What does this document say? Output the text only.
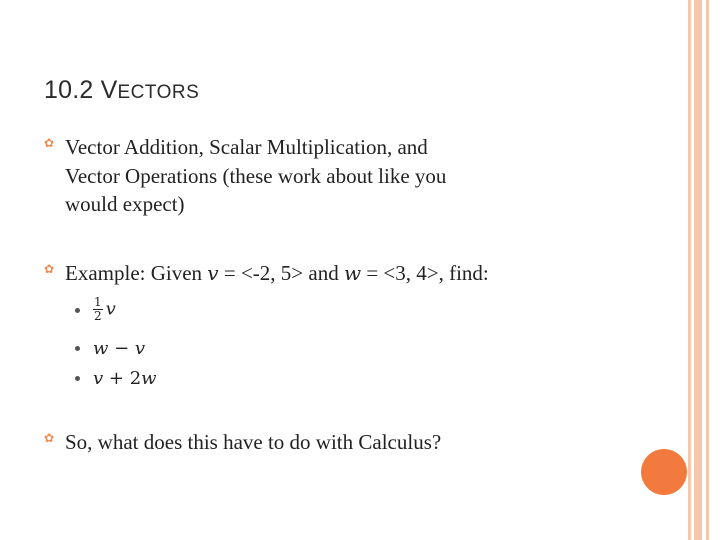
10.2 VECTORS
✿ Vector Addition, Scalar Multiplication, and
Vector Operations (these work about like you
would expect)
✿ Example: Given v = <-2, 5> and w = <3, 4>, find:
$\frac{1}{2}$ v
w − v
v + 2w
✿ So, what does this have to do with Calculus?
